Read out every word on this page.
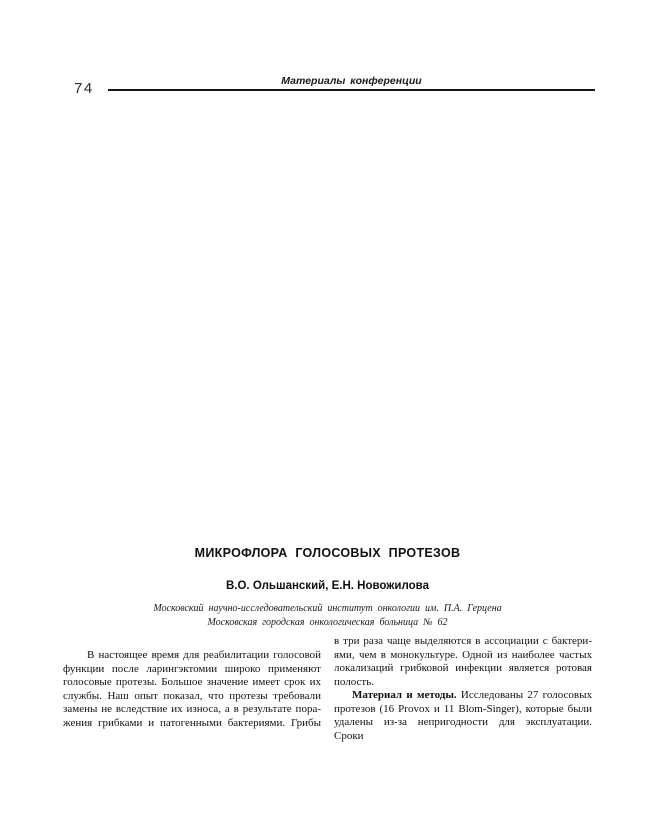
74	Материалы конференции
МИКРОФЛОРА ГОЛОСОВЫХ ПРОТЕЗОВ
В.О. Ольшанский, Е.Н. Новожилова
Московский научно-исследовательский институт онкологии им. П.А. Герцена
Московская городская онкологическая больница № 62
В настоящее время для реабилитации голосовой
функции после ларингэктомии широко применяют
голосовые протезы. Большое значение имеет срок их
службы. Наш опыт показал, что протезы требовали
замены не вследствие их износа, а в результате пора-
жения грибками и патогенными бактериями. Грибы
в три раза чаще выделяются в ассоциации с бактери-
ями, чем в монокультуре. Одной из наиболее частых
локализаций грибковой инфекции является ротовая
полость.
Материал и методы. Исследованы 27 голосовых
протезов (16 Provox и 11 Blom-Singer), которые были
удалены из-за непригодности для эксплуатации. Сроки
